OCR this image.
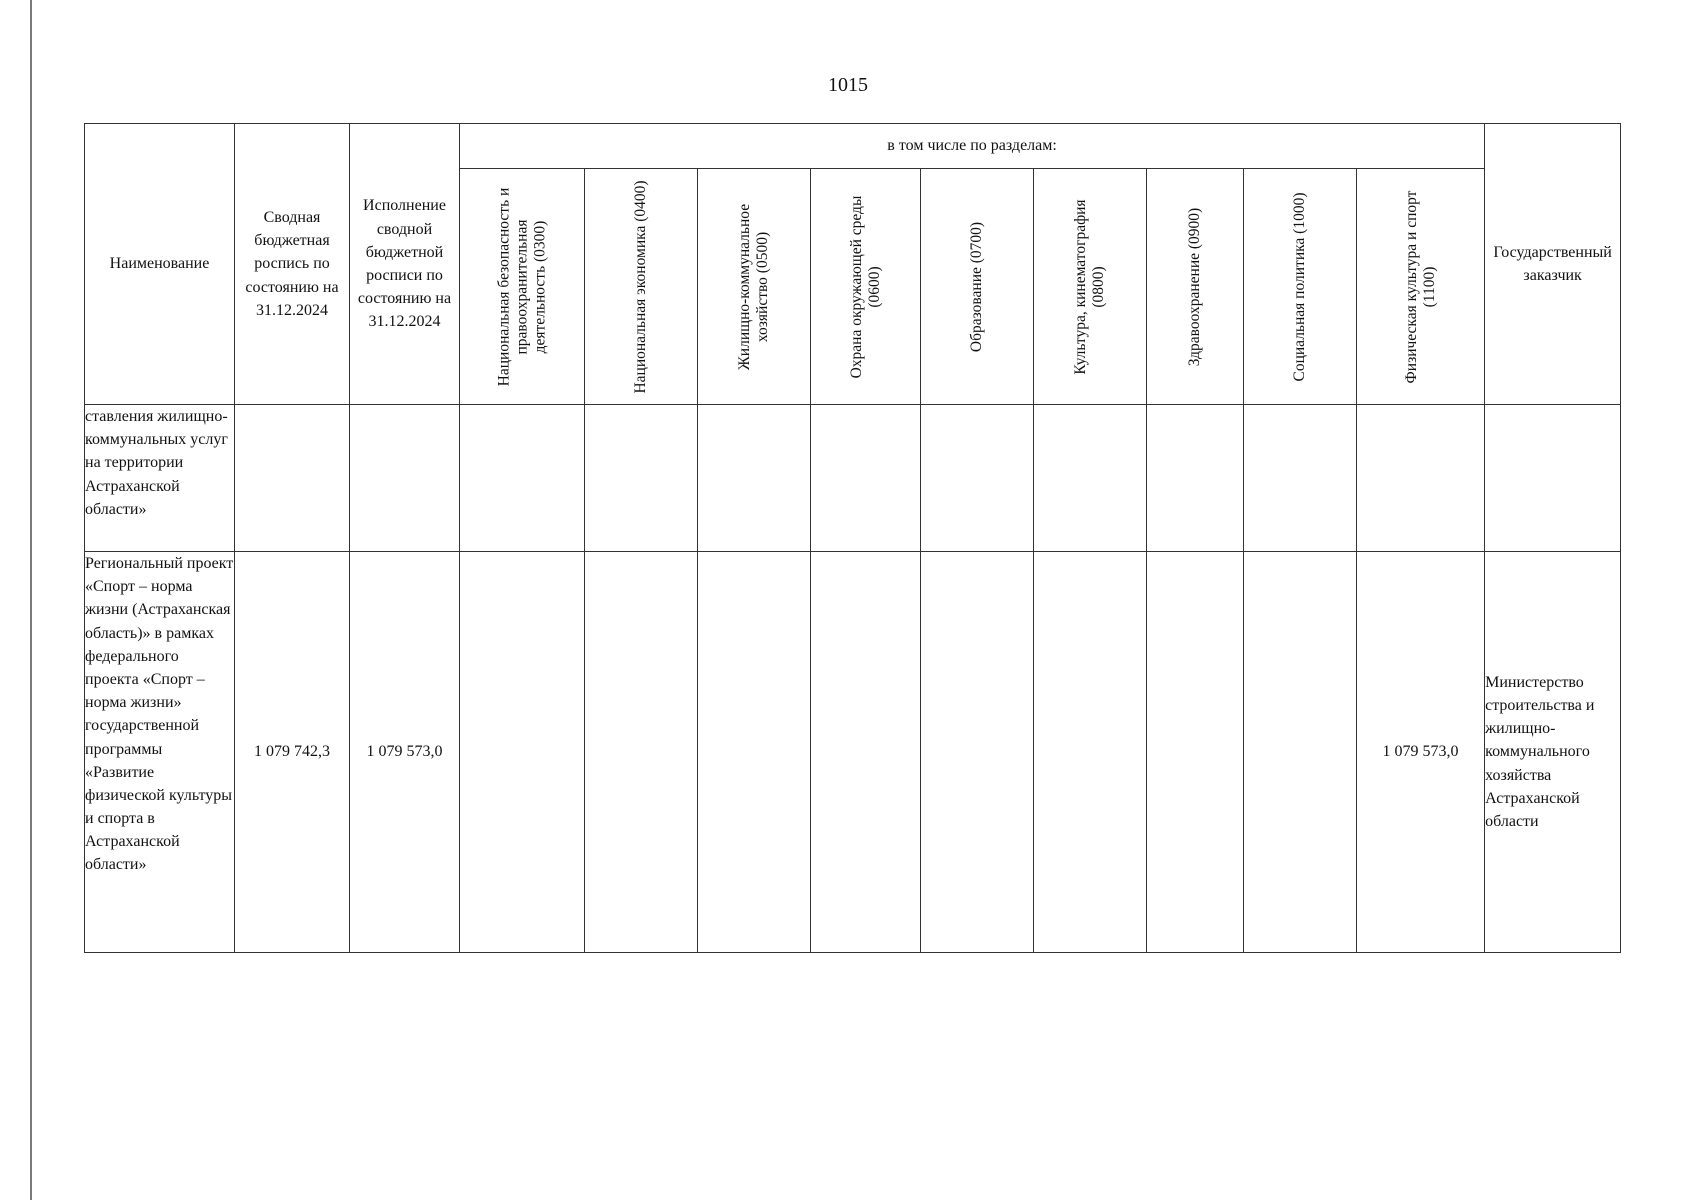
1015
Наименование	Сводная бюджетная роспись по состоянию на 31.12.2024	Исполнение сводной бюджетной росписи по состоянию на 31.12.2024	в том числе по разделам:									Государственный заказчик

			Национальная безопасность и правоохранительная деятельность (0300)	Национальная экономика (0400)	Жилищно-коммунальное хозяйство (0500)	Охрана окружающей среды (0600)	Образование (0700)	Культура, кинематография (0800)	Здравоохранение (0900)	Социальная политика (1000)	Физическая культура и спорт (1100)	

ставления жилищно-коммунальных услуг на территории Астраханской области»												
Региональный проект «Спорт – норма жизни (Астраханская область)» в рамках федерального проекта «Спорт – норма жизни» государственной программы «Развитие физической культуры и спорта в Астраханской области»	1 079 742,3	1 079 573,0									1 079 573,0	Министерство строительства и жилищно-коммунального хозяйства Астраханской области
